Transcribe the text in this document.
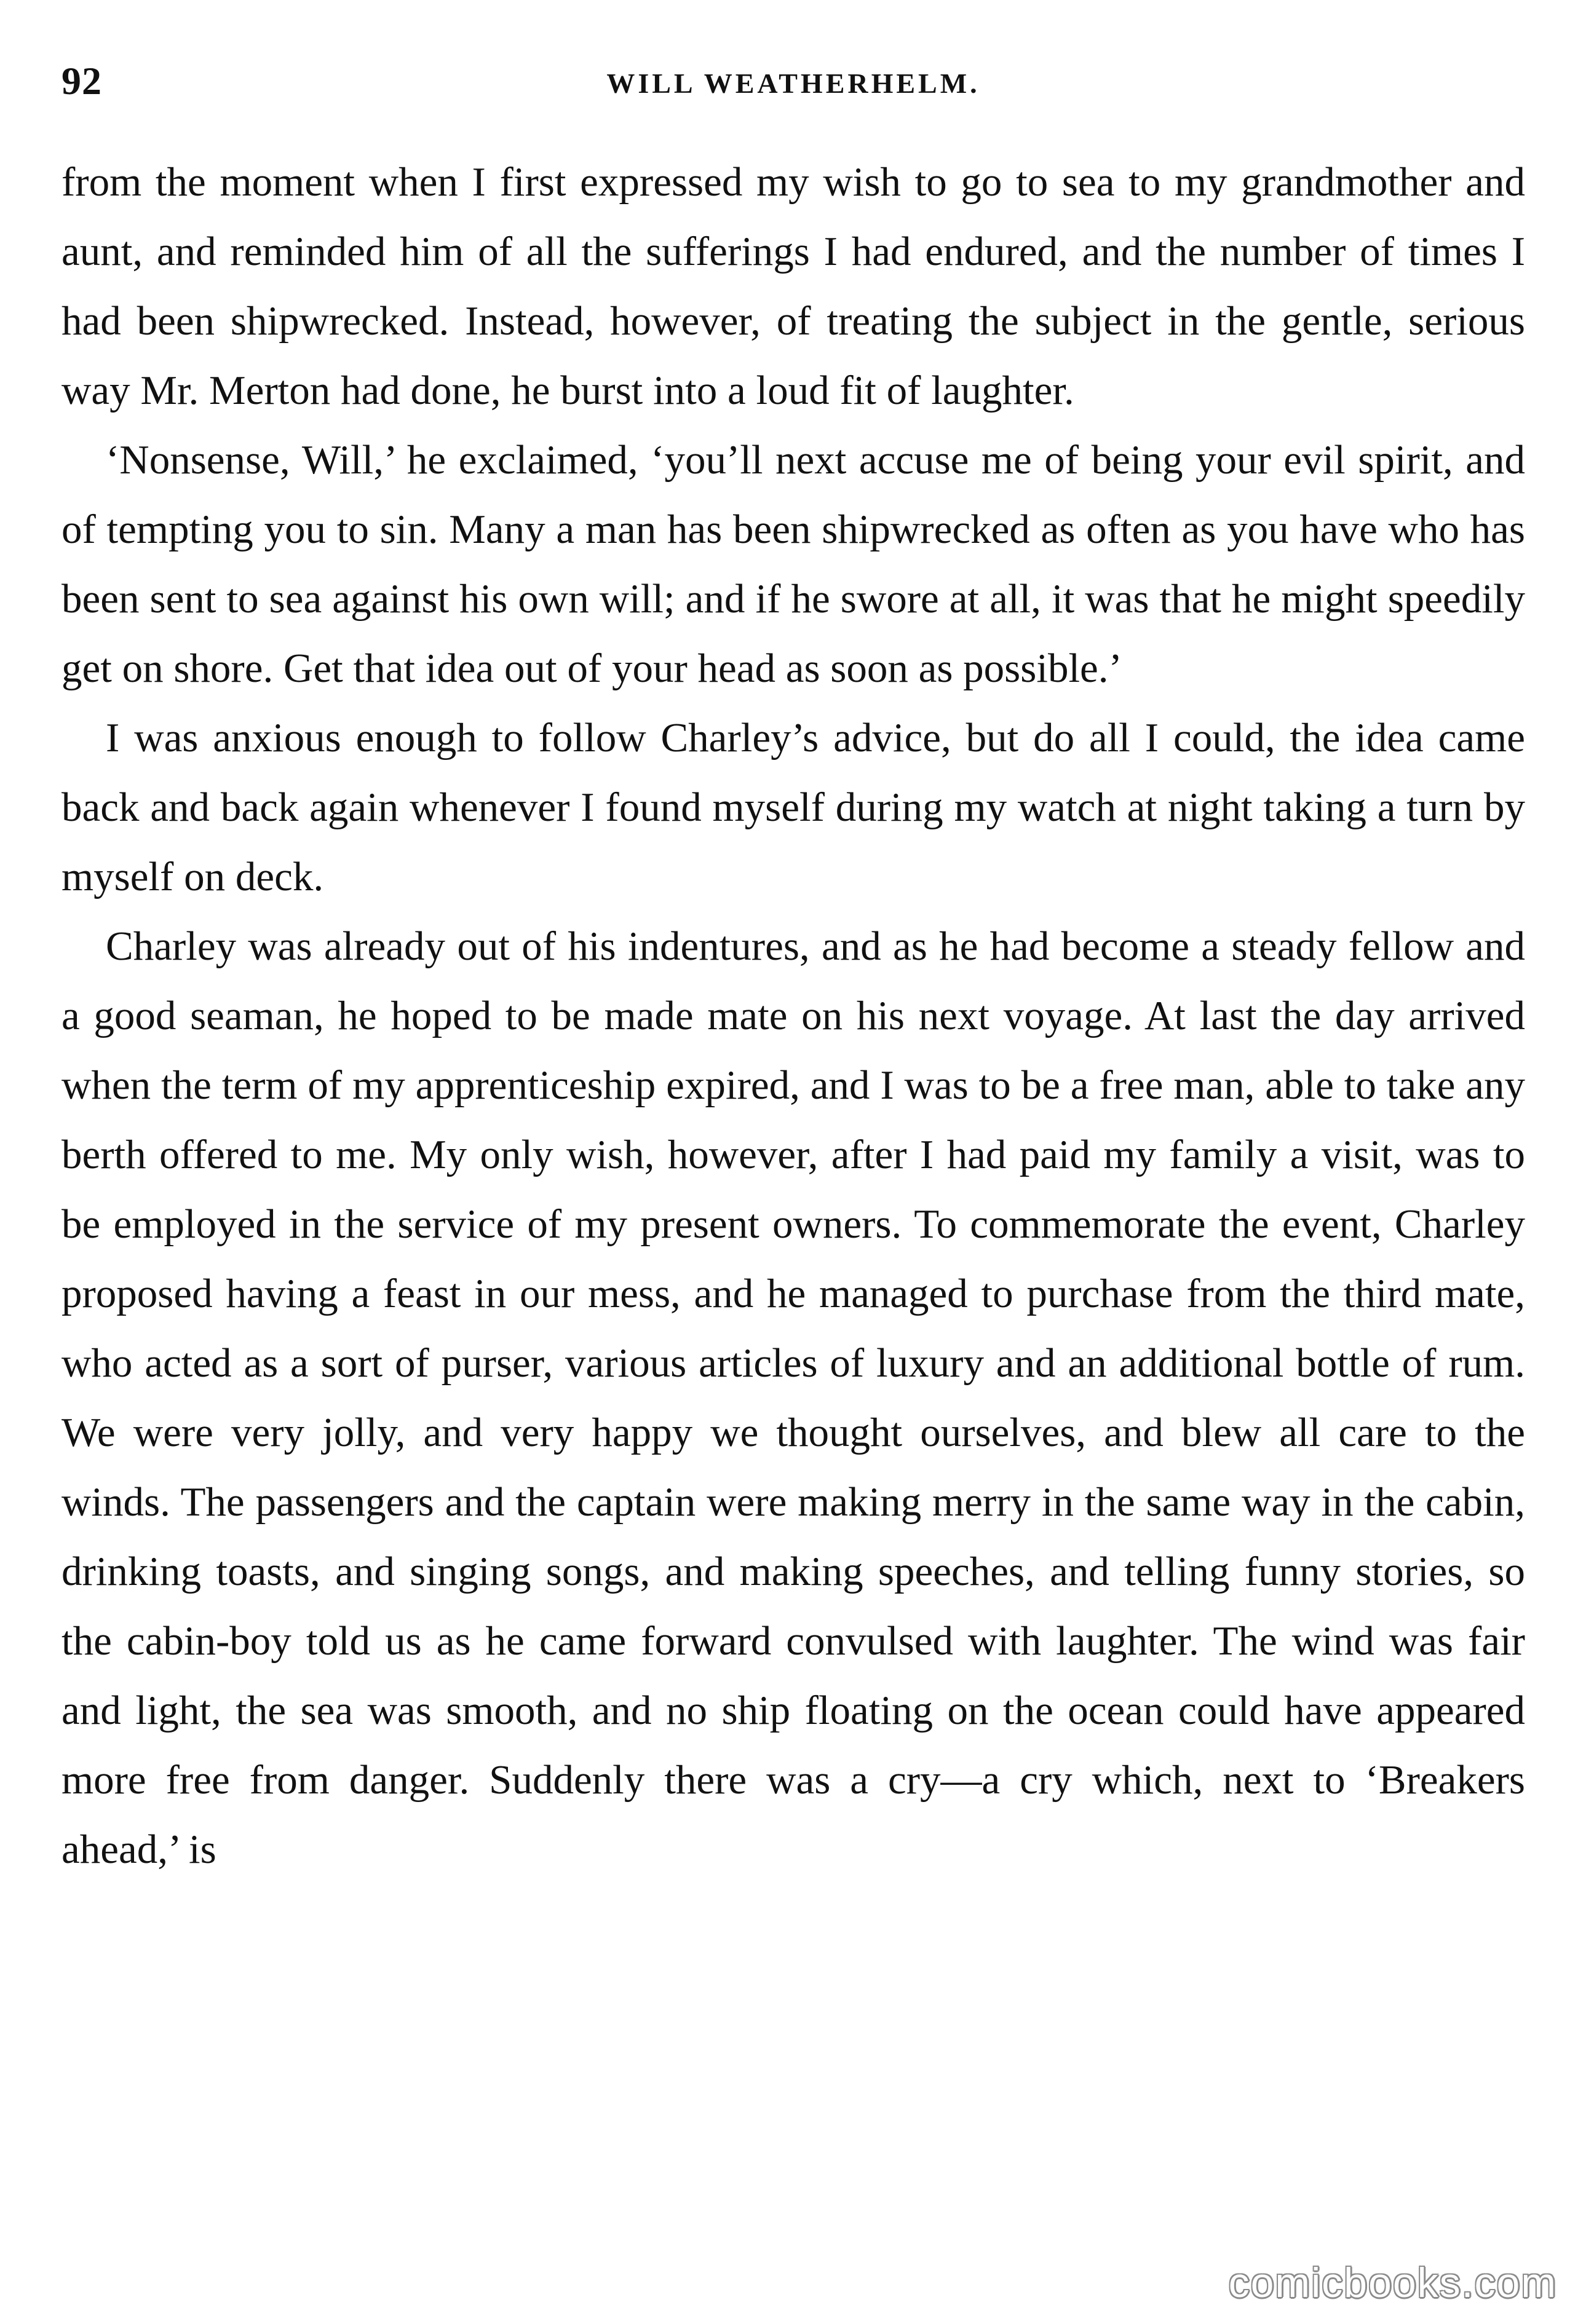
92	WILL WEATHERHELM.

from the moment when I first expressed my wish to go to sea to my grandmother and aunt, and reminded him of all the sufferings I had endured, and the number of times I had been shipwrecked. Instead, however, of treating the subject in the gentle, serious way Mr. Merton had done, he burst into a loud fit of laughter.

‘Nonsense, Will,’ he exclaimed, ‘you’ll next accuse me of being your evil spirit, and of tempting you to sin. Many a man has been shipwrecked as often as you have who has been sent to sea against his own will; and if he swore at all, it was that he might speedily get on shore. Get that idea out of your head as soon as possible.’

I was anxious enough to follow Charley’s advice, but do all I could, the idea came back and back again whenever I found myself during my watch at night taking a turn by myself on deck.

Charley was already out of his indentures, and as he had become a steady fellow and a good seaman, he hoped to be made mate on his next voyage. At last the day arrived when the term of my apprenticeship expired, and I was to be a free man, able to take any berth offered to me. My only wish, however, after I had paid my family a visit, was to be employed in the service of my present owners. To commemorate the event, Charley proposed having a feast in our mess, and he managed to purchase from the third mate, who acted as a sort of purser, various articles of luxury and an additional bottle of rum. We were very jolly, and very happy we thought ourselves, and blew all care to the winds. The passengers and the captain were making merry in the same way in the cabin, drinking toasts, and singing songs, and making speeches, and telling funny stories, so the cabin-boy told us as he came forward convulsed with laughter. The wind was fair and light, the sea was smooth, and no ship floating on the ocean could have appeared more free from danger. Suddenly there was a cry—a cry which, next to ‘Breakers ahead,’ is

comicbooks.com
